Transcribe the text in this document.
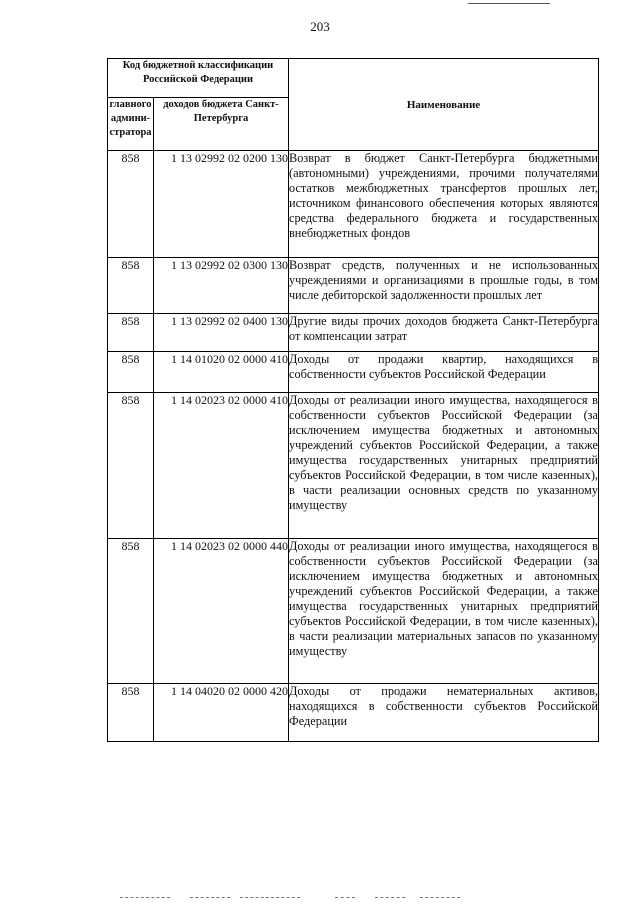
203
Код бюджетной классификации Российской Федерации		Наименование
главного админи-стратора	доходов бюджета Санкт-Петербурга	
858	1 13 02992 02 0200 130	Возврат в бюджет Санкт-Петербурга бюджетными (автономными) учреждениями, прочими получателями остатков межбюджетных трансфертов прошлых лет, источником финансового обеспечения которых являются средства федерального бюджета и государственных внебюджетных фондов
858	1 13 02992 02 0300 130	Возврат средств, полученных и не использованных учреждениями и организациями в прошлые годы, в том числе дебиторской задолженности прошлых лет
858	1 13 02992 02 0400 130	Другие виды прочих доходов бюджета Санкт-Петербурга от компенсации затрат
858	1 14 01020 02 0000 410	Доходы от продажи квартир, находящихся в собственности субъектов Российской Федерации
858	1 14 02023 02 0000 410	Доходы от реализации иного имущества, находящегося в собственности субъектов Российской Федерации (за исключением имущества бюджетных и автономных учреждений субъектов Российской Федерации, а также имущества государственных унитарных предприятий субъектов Российской Федерации, в том числе казенных), в части реализации основных средств по указанному имуществу
858	1 14 02023 02 0000 440	Доходы от реализации иного имущества, находящегося в собственности субъектов Российской Федерации (за исключением имущества бюджетных и автономных учреждений субъектов Российской Федерации, а также имущества государственных унитарных предприятий субъектов Российской Федерации, в том числе казенных), в части реализации материальных запасов по указанному имуществу
858	1 14 04020 02 0000 420	Доходы от продажи нематериальных активов, находящихся в собственности субъектов Российской Федерации
